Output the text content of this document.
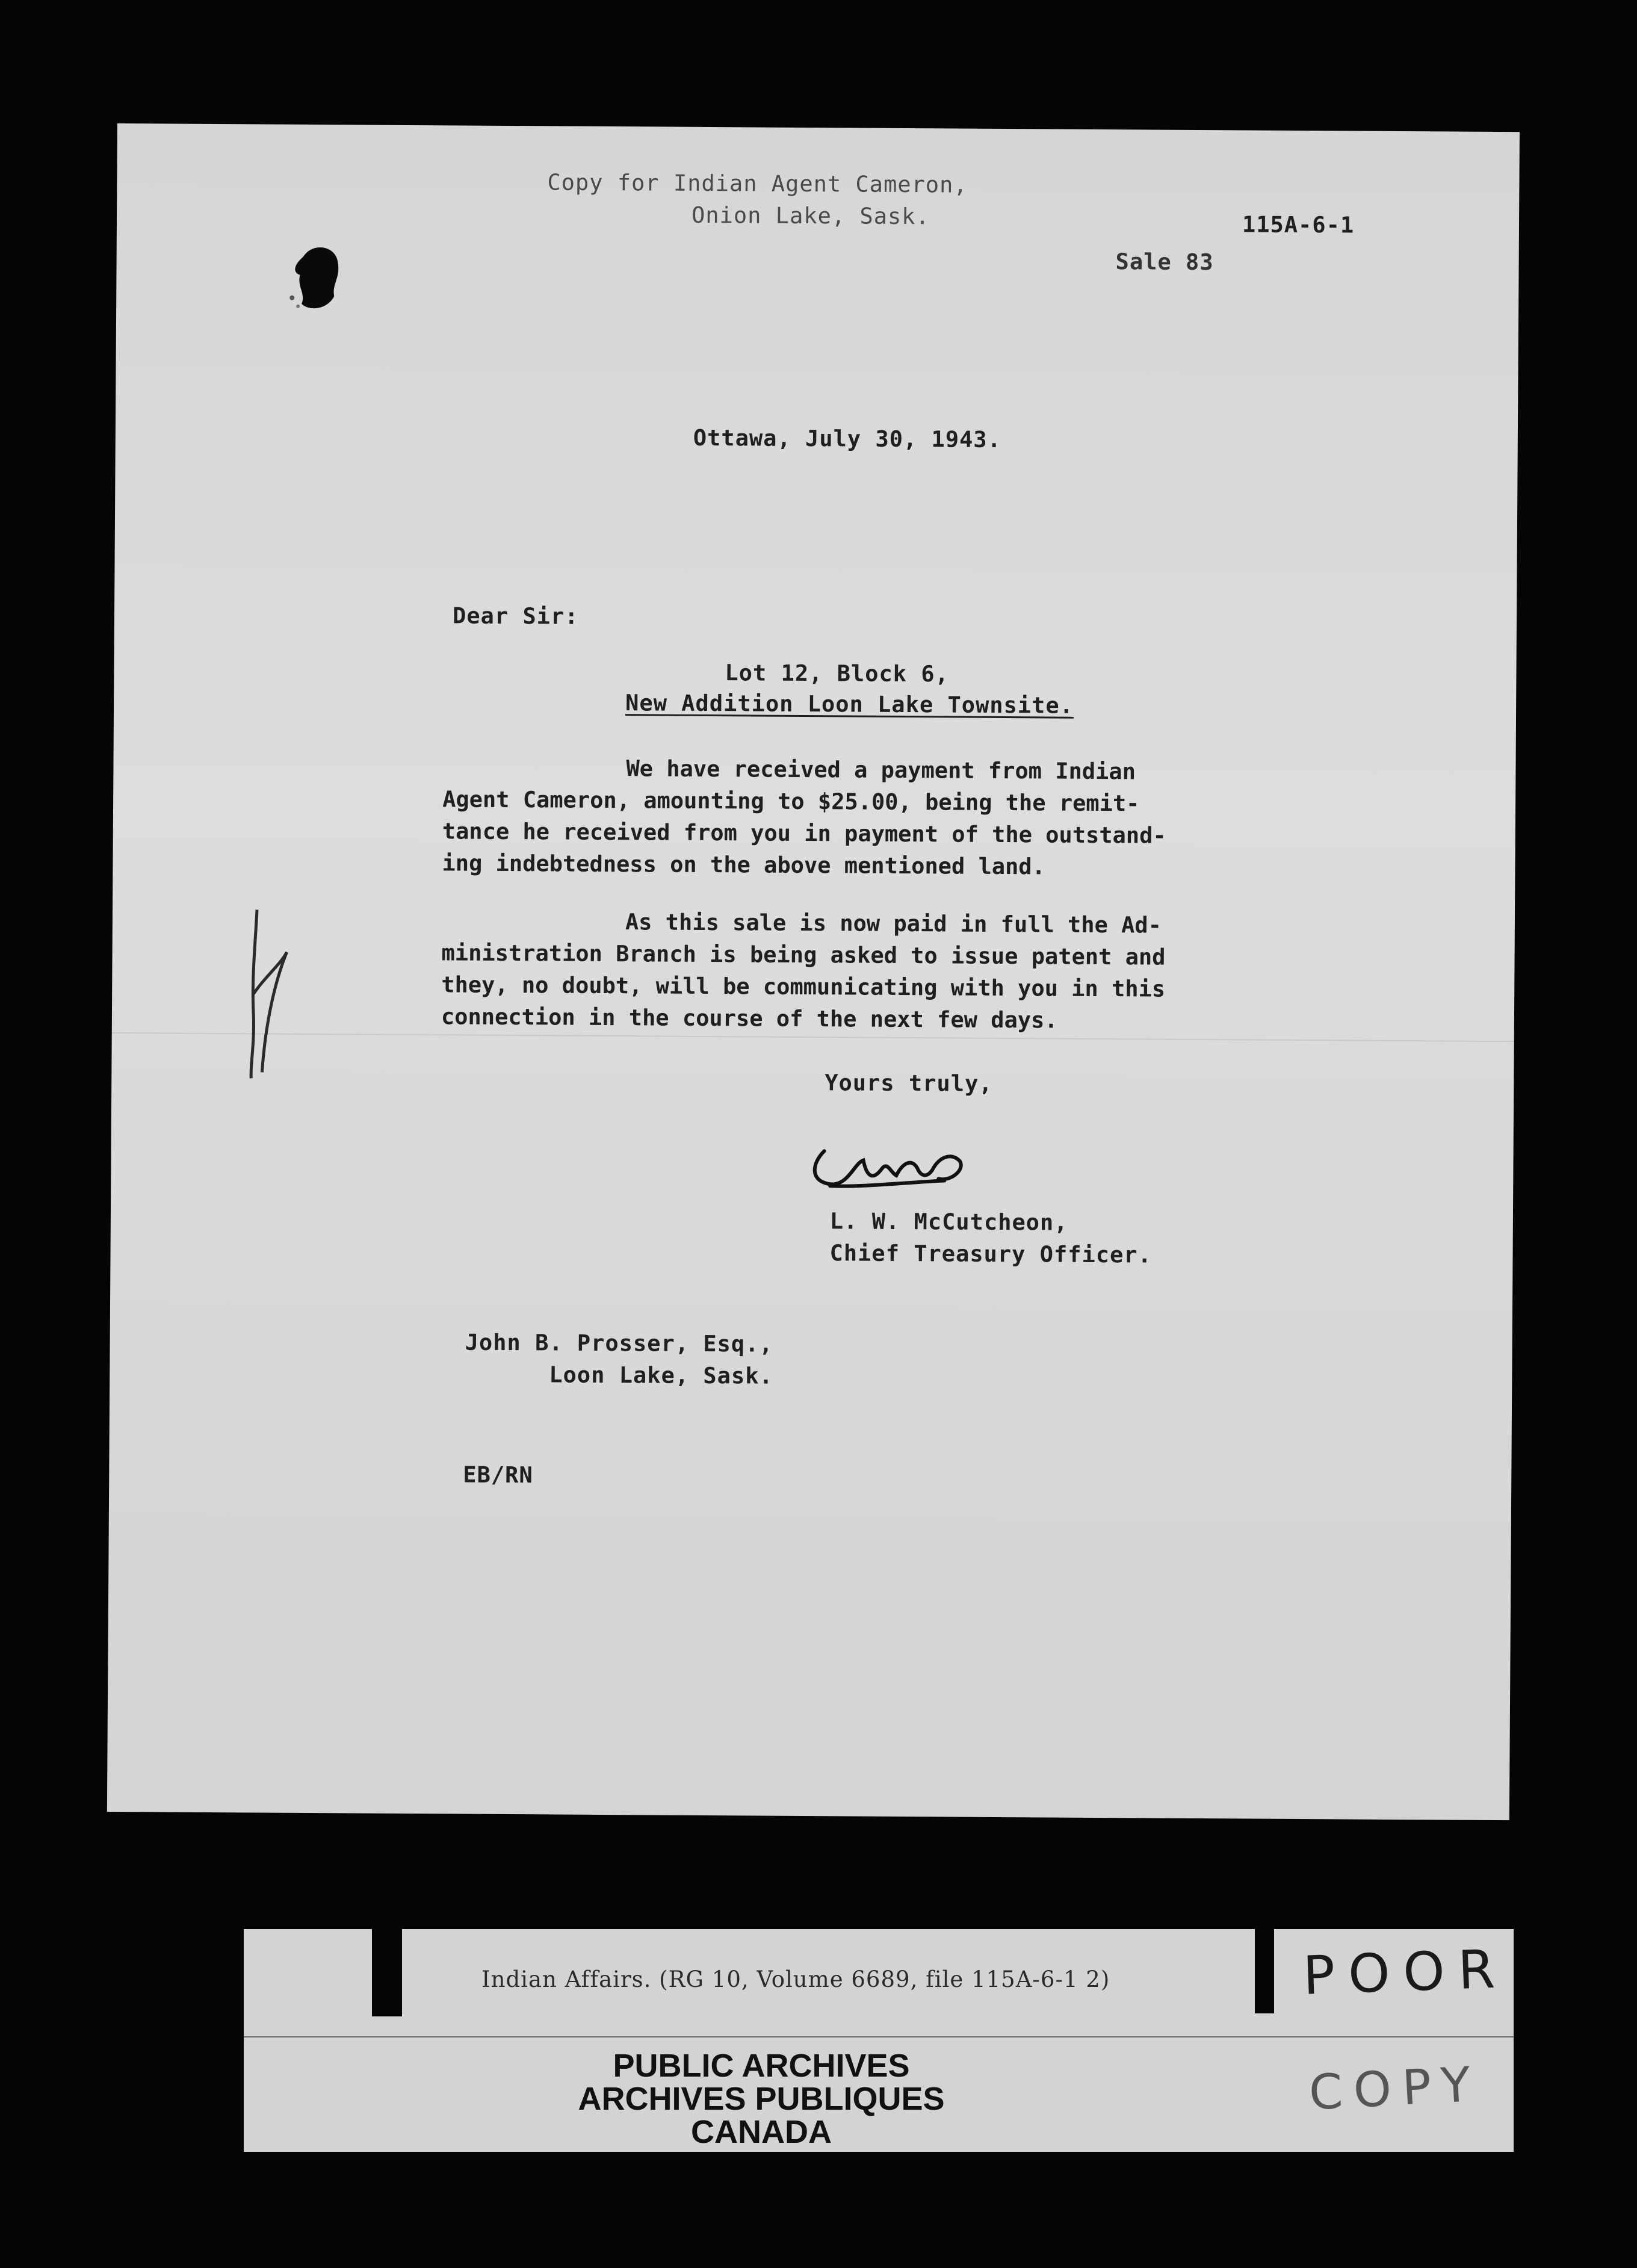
Copy for Indian Agent Cameron,
Onion Lake, Sask.	115A-6-1
Sale 83
Ottawa, July 30, 1943.
Dear Sir:
Lot 12, Block 6,
New Addition Loon Lake Townsite.
We have received a payment from Indian
Agent Cameron, amounting to $25.00, being the remit-
tance he received from you in payment of the outstand-
ing indebtedness on the above mentioned land.
As this sale is now paid in full the Ad-
ministration Branch is being asked to issue patent and
they, no doubt, will be communicating with you in this
connection in the course of the next few days.
Yours truly,
L. W. McCutcheon,
Chief Treasury Officer.
John B. Prosser, Esq.,
Loon Lake, Sask.
EB/RN
Indian Affairs. (RG 10, Volume 6689, file 115A-6-1 2)
PUBLIC ARCHIVES
ARCHIVES PUBLIQUES
CANADA
POOR
COPY
